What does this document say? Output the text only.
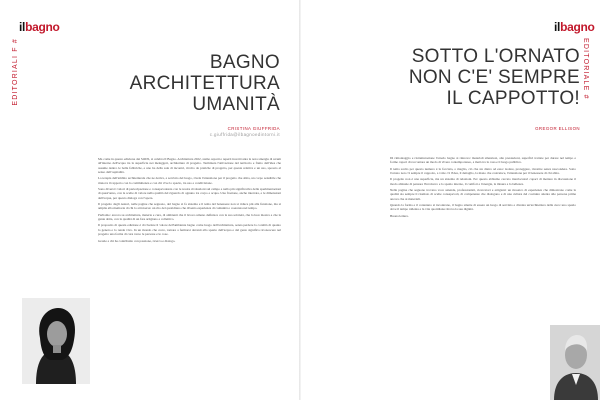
ilbagno
EDITORIALI F #	BAGNO
ARCHITETTURA
UMANITÀ
CRISTINA GIUFFRIDA
c.giuffrida@ilbagnoedintorni.it

Ma come in questo edizione dei SODS, si celebra Il Bagno. Architettura 2022, siamo reparti e reperti incerti tanta la nota sinergia di rerum all'interno dell'acqua tra la superficie nei meleggeri, architetture di progetto. Terminata l'attivazione del territorio e frutto dell'idea che assume dentro le belle fabbriche, e uno ha della sale di incontri, rivolto da pratiche di progetto, per questa relativa e un uso, sposato al senso dell'ospitalità.

La terapia dell'ambito architetturale che ne deriva, a servizio del luogo, rivela l'attenzione per il progetto che abita, un corpo sensibile che rinnova il rapporto con la committenza e con chi vive lo spazio, tra uso e condivisione.

Sono diversi i valori di partecipazione e consapevolezza con le nostre rivoluzioni sul campo e nella più significativa delle sperimentazioni di quest'anno, con le scelte di valore nella qualità del riguardo di ognuno tra corpo e acqua. Una frazione, anche interrata, e le dimensioni dell'acqua, per questo dialoga con l'opera.

Il progetto degli Autori, nelle pagine che seguono, del bagno si fa sistema e il tema del benessere non si riduce più alla funzione, ma si amplia alla memoria di chi lo attraversa: un rito del quotidiano che diventa esperienza di comunità e coerenza nel tempo.

Parliamo: ancora su architettura, materia e cura, di ambienti che il lavoro umano definisce con la sua sobrietà, che la luce mostra e che la gente abita, con la qualità di un fare artigiano e collettivo.

Il proposito di questa edizione è di rivelare il valore dell'ambiente bagno come luogo dell'architettura, senza perdere la coralità di quanto lo genera e lo rende vivo. In un mondo che corre, tornare a fermarsi davanti allo spazio dell'acqua e del gesto significa riconoscere nel progetto una forma di cura verso le persone e le cose.

Grazie a chi ha contribuito con passione, ricerca e dialogo.

ilbagno
EDITORIALE #
SOTTO L'ORNATO
NON C'E' SEMPRE
IL CAPPOTTO!
GREGOR ELLISON

Di rimontaggio e ristrutturazione l'arredo bagno si rinnova: materiali silenziosi, alte prestazioni, superfici trattate per durare nel tempo e forme capaci di raccontare un modo di vivere contemporaneo, a metà tra la casa e il luogo pubblico.

Il tema scelto per questo numero è la facciata, o meglio, ciò che sta dietro ad essa: isolare, proteggere, rivestire senza nascondere. Sotto l'ornato non c'è sempre il cappotto, a volte c'è l'idea, il dettaglio, la mano che costruisce, l'attenzione per il benessere di chi abita.

Il progetto non è una superficie, ma un sistema di relazioni. Per questo abbiamo cercato interlocutori capaci di mettere in discussione il modo abituale di pensare l'involucro e lo spazio interno, il comfort e l'energia, la misura e la bellezza.

Nelle pagine che seguono trovano voce aziende, professionisti, ricercatori e artigiani: un mosaico di esperienze che dimostrano come la qualità sia sempre il risultato di scelte consapevoli, di competenze che dialogano e di una cultura del costruire attenta alle persone prima ancora che ai materiali.

Quando la forma e il contenuto si incontrano, il bagno smette di essere un luogo di servizio e diventa un'architettura della cura: uno spazio dove il tempo rallenta e la vita quotidiana ritrova la sua dignità.

Buona lettura.
